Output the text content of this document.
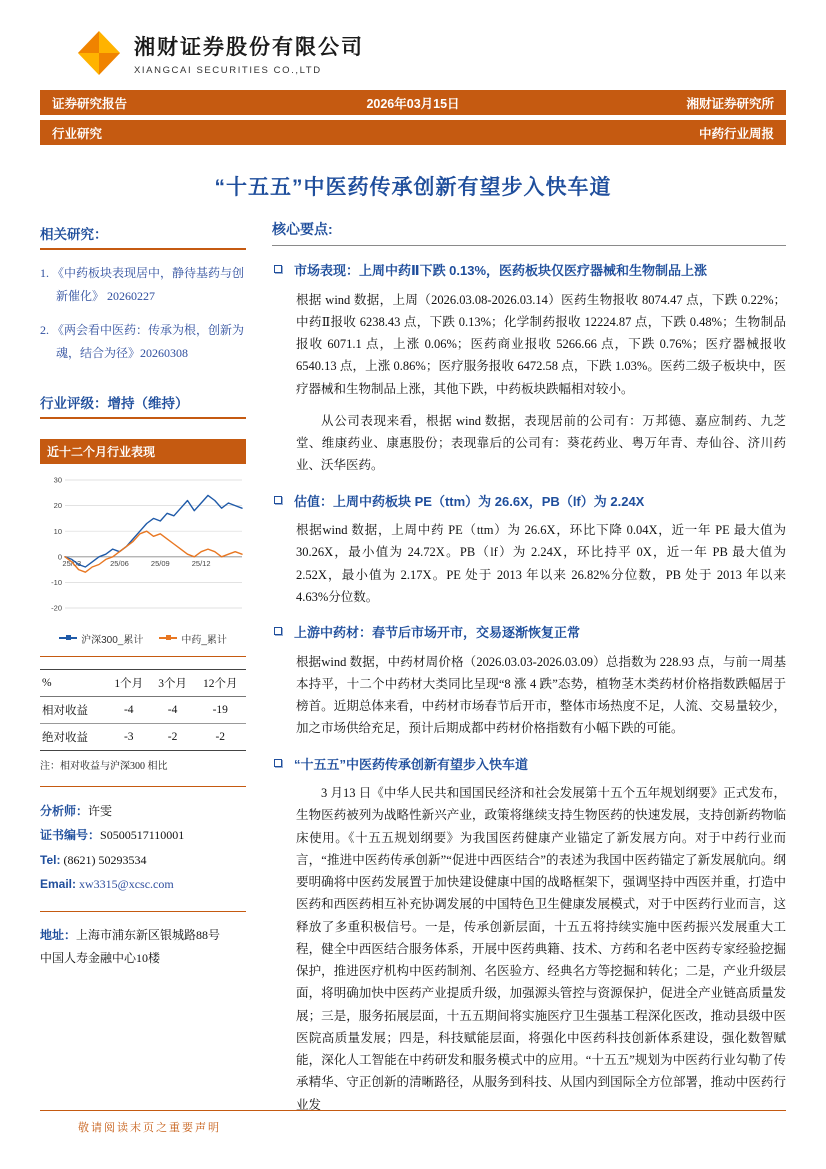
湘财证券股份有限公司
XIANGCAI SECURITIES CO.,LTD
证券研究报告	2026年03月15日	湘财证券研究所
行业研究	中药行业周报
“十五五”中医药传承创新有望步入快车道
相关研究：
1. 《中药板块表现居中，静待基药与创新催化》 20260227
2. 《两会看中医药：传承为根，创新为魂，结合为径》20260308
行业评级：增持（维持）
近十二个月行业表现
30
20
10
0
-10
-20
25/03	25/06	25/09	25/12
沪深300_累计	中药_累计
%	1个月	3个月	12个月
相对收益	-4	-4	-19
绝对收益	-3	-2	-2
注：相对收益与沪深300 相比
分析师：许雯
证书编号：S0500517110001
Tel: (8621) 50293534
Email: xw3315@xcsc.com
地址：上海市浦东新区银城路88号
中国人寿金融中心10楼
核心要点:
市场表现：上周中药Ⅱ下跌 0.13%，医药板块仅医疗器械和生物制品上涨

根据 wind 数据，上周（2026.03.08-2026.03.14）医药生物报收 8074.47 点，下跌 0.22%；中药Ⅱ报收 6238.43 点，下跌 0.13%；化学制药报收 12224.87 点，下跌 0.48%；生物制品报收 6071.1 点，上涨 0.06%；医药商业报收 5266.66 点，下跌 0.76%；医疗器械报收 6540.13 点，上涨 0.86%；医疗服务报收 6472.58 点，下跌 1.03%。医药二级子板块中，医疗器械和生物制品上涨，其他下跌，中药板块跌幅相对较小。

从公司表现来看，根据 wind 数据，表现居前的公司有：万邦德、嘉应制药、九芝堂、维康药业、康惠股份；表现靠后的公司有：葵花药业、粤万年青、寿仙谷、济川药业、沃华医药。

估值：上周中药板块 PE（ttm）为 26.6X，PB（lf）为 2.24X

根据wind 数据，上周中药 PE（ttm）为 26.6X，环比下降 0.04X，近一年 PE 最大值为 30.26X，最小值为 24.72X。PB（lf）为 2.24X，环比持平 0X，近一年 PB 最大值为 2.52X，最小值为 2.17X。PE 处于 2013 年以来 26.82%分位数，PB 处于 2013 年以来 4.63%分位数。

上游中药材：春节后市场开市，交易逐渐恢复正常

根据wind 数据，中药材周价格（2026.03.03-2026.03.09）总指数为 228.93 点，与前一周基本持平，十二个中药材大类同比呈现“8 涨 4 跌”态势，植物茎木类药材价格指数跌幅居于榜首。近期总体来看，中药材市场春节后开市，整体市场热度不足，人流、交易量较少，加之市场供给充足，预计后期成都中药材价格指数有小幅下跌的可能。

“十五五”中医药传承创新有望步入快车道

3 月13 日《中华人民共和国国民经济和社会发展第十五个五年规划纲要》正式发布，生物医药被列为战略性新兴产业，政策将继续支持生物医药的快速发展，支持创新药物临床使用。《十五五规划纲要》为我国医药健康产业锚定了新发展方向。对于中药行业而言，“推进中医药传承创新”“促进中西医结合”的表述为我国中医药锚定了新发展航向。纲要明确将中医药发展置于加快建设健康中国的战略框架下，强调坚持中西医并重，打造中医药和西医药相互补充协调发展的中国特色卫生健康发展模式，对于中医药行业而言，这释放了多重积极信号。一是，传承创新层面，十五五将持续实施中医药振兴发展重大工程，健全中西医结合服务体系，开展中医药典籍、技术、方药和名老中医药专家经验挖掘保护，推进医疗机构中医药制剂、名医验方、经典名方等挖掘和转化；二是，产业升级层面，将明确加快中医药产业提质升级，加强源头管控与资源保护，促进全产业链高质量发展；三是，服务拓展层面，十五五期间将实施医疗卫生强基工程深化医改，推动县级中医医院高质量发展；四是，科技赋能层面，将强化中医药科技创新体系建设，强化数智赋能，深化人工智能在中药研发和服务模式中的应用。“十五五”规划为中医药行业勾勒了传承精华、守正创新的清晰路径，从服务到科技、从国内到国际全方位部署，推动中医药行业发

敬请阅读末页之重要声明
